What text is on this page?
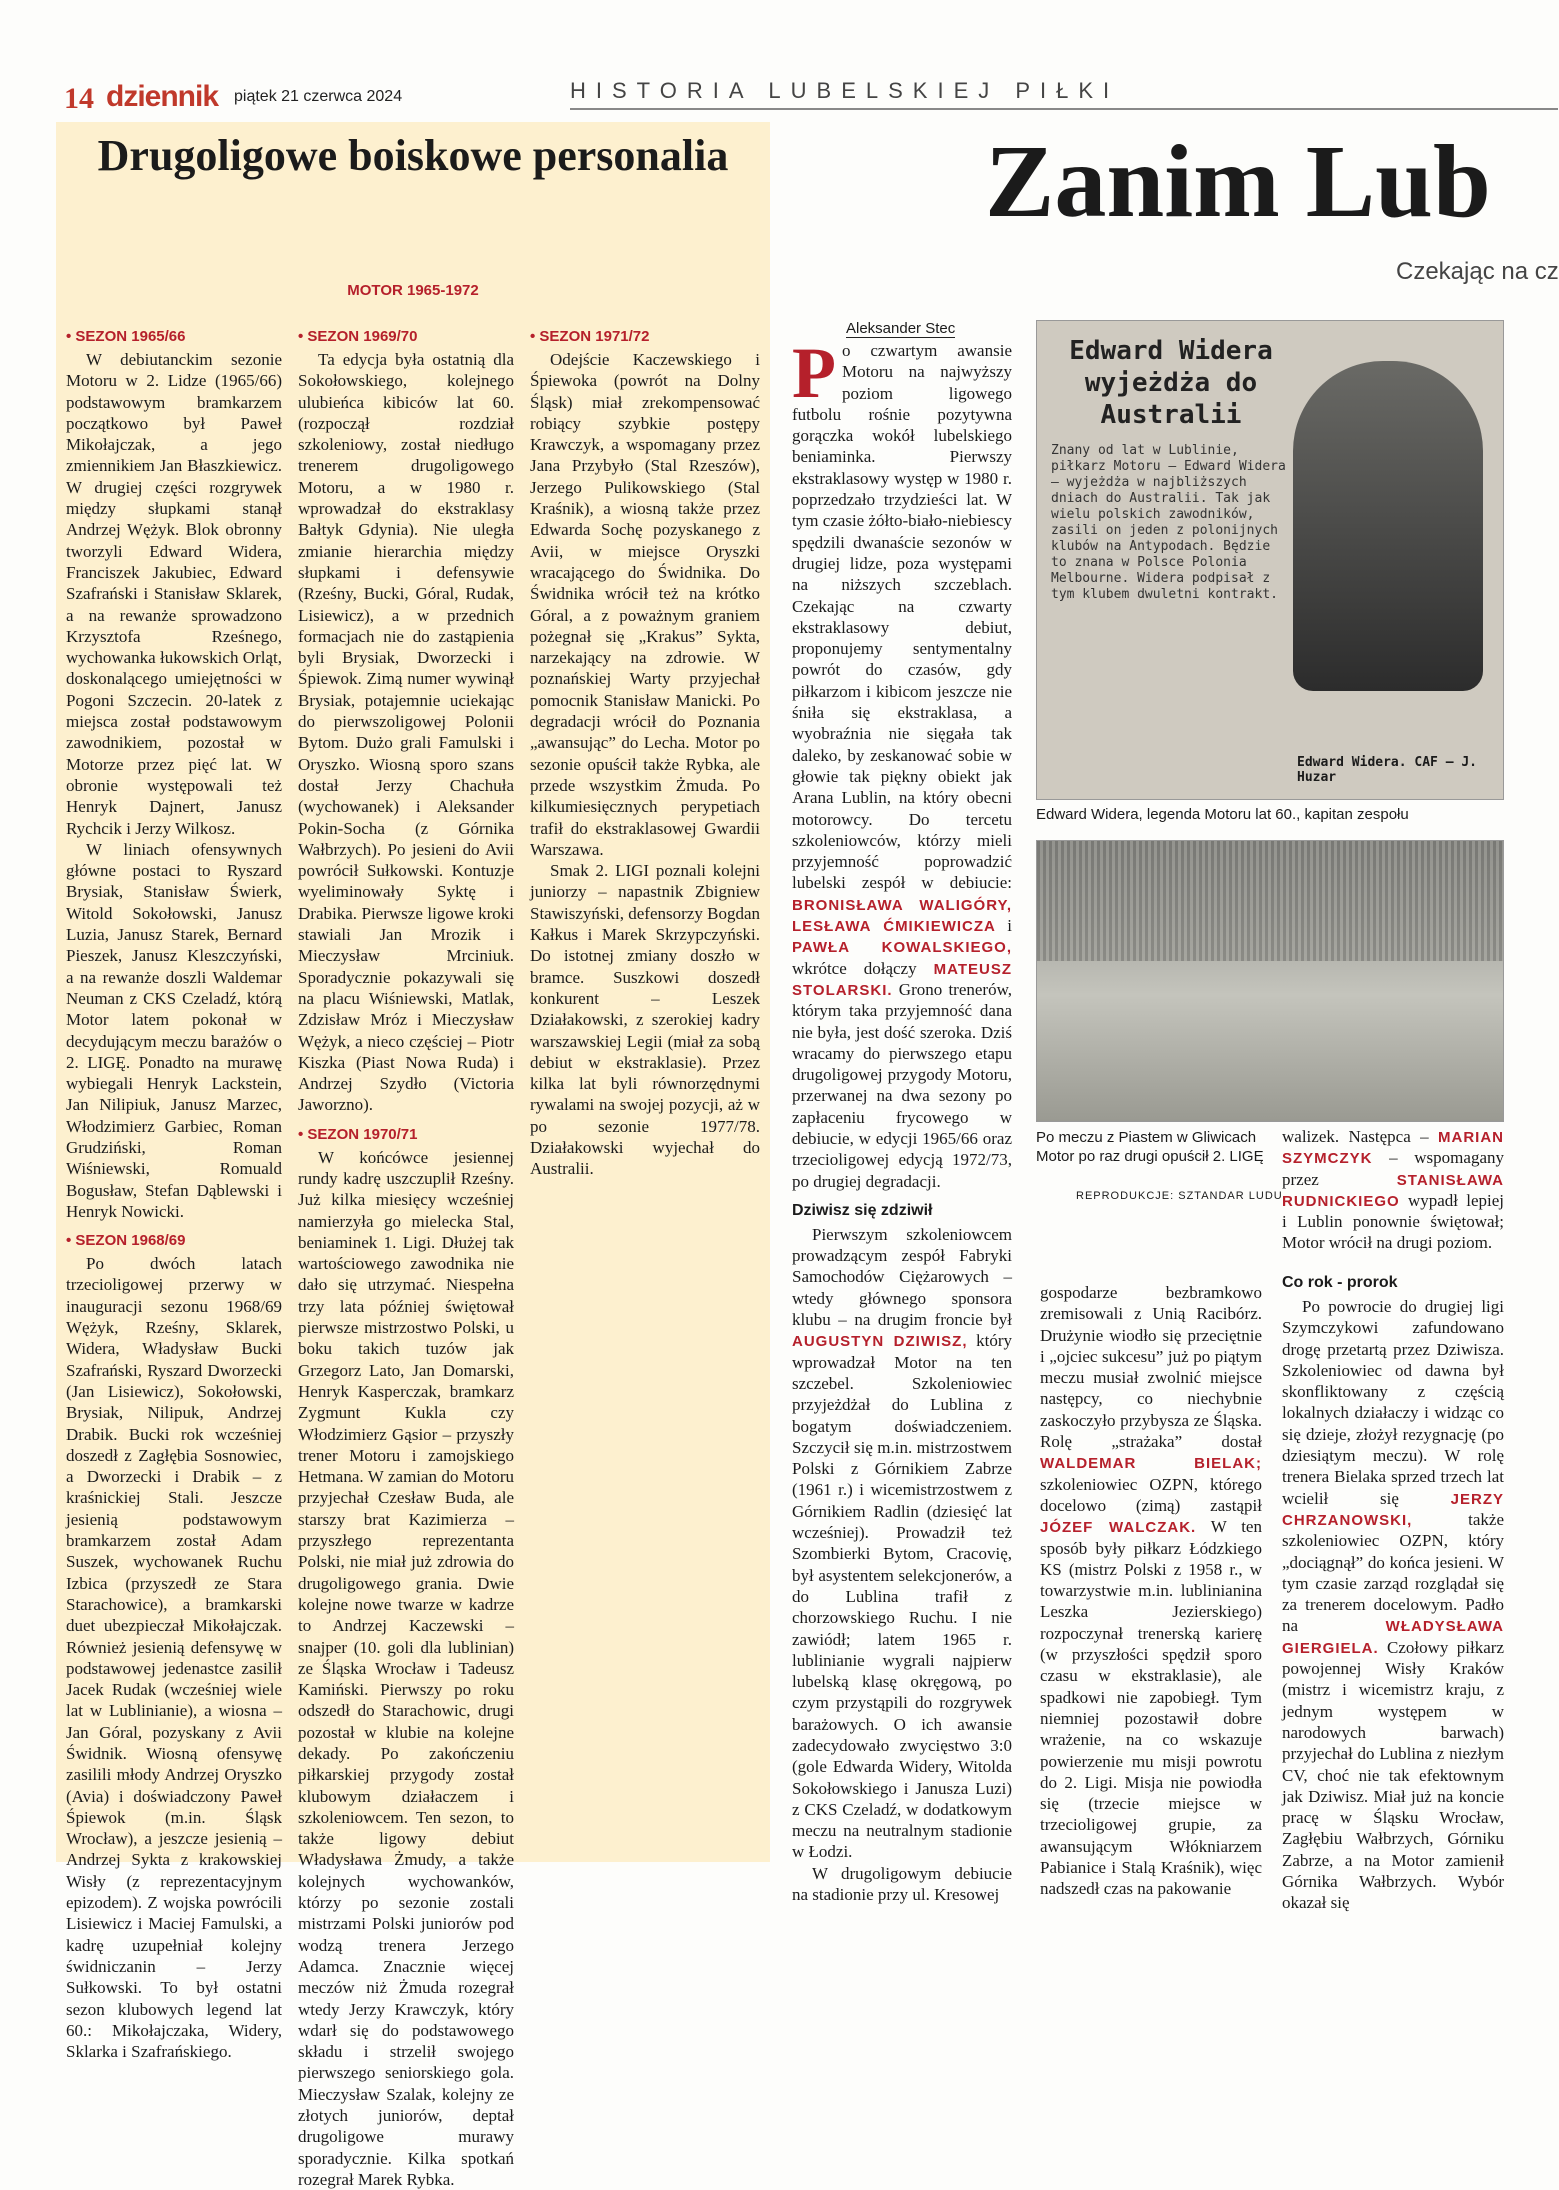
14 dziennik piątek 21 czerwca 2024	HISTORIA LUBELSKIEJ PIŁKI
Drugoligowe boiskowe personalia
MOTOR 1965-1972

• SEZON 1965/66

W debiutanckim sezonie Motoru w 2. Lidze (1965/66) podstawowym bramkarzem początkowo był Paweł Mikołajczak, a jego zmiennikiem Jan Błaszkiewicz. W drugiej części rozgrywek między słupkami stanął Andrzej Wężyk. Blok obronny tworzyli Edward Widera, Franciszek Jakubiec, Edward Szafrański i Stanisław Sklarek, a na rewanże sprowadzono Krzysztofa Rześnego, wychowanka łukowskich Orląt, doskonalącego umiejętności w Pogoni Szczecin. 20-latek z miejsca został podstawowym zawodnikiem, pozostał w Motorze przez pięć lat. W obronie występowali też Henryk Dajnert, Janusz Rychcik i Jerzy Wilkosz.

W liniach ofensywnych główne postaci to Ryszard Brysiak, Stanisław Świerk, Witold Sokołowski, Janusz Luzia, Janusz Starek, Bernard Pieszek, Janusz Kleszczyński, a na rewanże doszli Waldemar Neuman z CKS Czeladź, którą Motor latem pokonał w decydującym meczu barażów o 2. LIGĘ. Ponadto na murawę wybiegali Henryk Lackstein, Jan Nilipiuk, Janusz Marzec, Włodzimierz Garbiec, Roman Grudziński, Roman Wiśniewski, Romuald Bogusław, Stefan Dąblewski i Henryk Nowicki.

• SEZON 1968/69

Po dwóch latach trzecioligowej przerwy w inauguracji sezonu 1968/69 Wężyk, Rześny, Sklarek, Widera, Władysław Bucki Szafrański, Ryszard Dworzecki (Jan Lisiewicz), Sokołowski, Brysiak, Nilipuk, Andrzej Drabik. Bucki rok wcześniej doszedł z Zagłębia Sosnowiec, a Dworzecki i Drabik – z kraśnickiej Stali. Jeszcze jesienią podstawowym bramkarzem został Adam Suszek, wychowanek Ruchu Izbica (przyszedł ze Stara Starachowice), a bramkarski duet ubezpieczał Mikołajczak. Również jesienią defensywę w podstawowej jedenastce zasilił Jacek Rudak (wcześniej wiele lat w Lublinianie), a wiosna – Jan Góral, pozyskany z Avii Świdnik. Wiosną ofensywę zasilili młody Andrzej Oryszko (Avia) i doświadczony Paweł Śpiewok (m.in. Śląsk Wrocław), a jeszcze jesienią – Andrzej Sykta z krakowskiej Wisły (z reprezentacyjnym epizodem). Z wojska powrócili Lisiewicz i Maciej Famulski, a kadrę uzupełniał kolejny świdniczanin – Jerzy Sułkowski. To był ostatni sezon klubowych legend lat 60.: Mikołajczaka, Widery, Sklarka i Szafrańskiego.

• SEZON 1969/70

Ta edycja była ostatnią dla Sokołowskiego, kolejnego ulubieńca kibiców lat 60. (rozpoczął rozdział szkoleniowy, został niedługo trenerem drugoligowego Motoru, a w 1980 r. wprowadzał do ekstraklasy Bałtyk Gdynia). Nie uległa zmianie hierarchia między słupkami i defensywie (Rześny, Bucki, Góral, Rudak, Lisiewicz), a w przednich formacjach nie do zastąpienia byli Brysiak, Dworzecki i Śpiewok. Zimą numer wywinął Brysiak, potajemnie uciekając do pierwszoligowej Polonii Bytom. Dużo grali Famulski i Oryszko. Wiosną sporo szans dostał Jerzy Chachuła (wychowanek) i Aleksander Pokin-Socha (z Górnika Wałbrzych). Po jesieni do Avii powrócił Sułkowski. Kontuzje wyeliminowały Syktę i Drabika. Pierwsze ligowe kroki stawiali Jan Mrozik i Mieczysław Mrciniuk. Sporadycznie pokazywali się na placu Wiśniewski, Matlak, Zdzisław Mróz i Mieczysław Wężyk, a nieco częściej – Piotr Kiszka (Piast Nowa Ruda) i Andrzej Szydło (Victoria Jaworzno).

• SEZON 1970/71

W końcówce jesiennej rundy kadrę uszczuplił Rześny. Już kilka miesięcy wcześniej namierzyła go mielecka Stal, beniaminek 1. Ligi. Dłużej tak wartościowego zawodnika nie dało się utrzymać. Niespełna trzy lata później świętował pierwsze mistrzostwo Polski, u boku takich tuzów jak Grzegorz Lato, Jan Domarski, Henryk Kasperczak, bramkarz Zygmunt Kukla czy Włodzimierz Gąsior – przyszły trener Motoru i zamojskiego Hetmana. W zamian do Motoru przyjechał Czesław Buda, ale starszy brat Kazimierza – przyszłego reprezentanta Polski, nie miał już zdrowia do drugoligowego grania. Dwie kolejne nowe twarze w kadrze to Andrzej Kaczewski – snajper (10. goli dla lublinian) ze Śląska Wrocław i Tadeusz Kamiński. Pierwszy po roku odszedł do Starachowic, drugi pozostał w klubie na kolejne dekady. Po zakończeniu piłkarskiej przygody został klubowym działaczem i szkoleniowcem. Ten sezon, to także ligowy debiut Władysława Żmudy, a także kolejnych wychowanków, którzy po sezonie zostali mistrzami Polski juniorów pod wodzą trenera Jerzego Adamca. Znacznie więcej meczów niż Żmuda rozegrał wtedy Jerzy Krawczyk, który wdarł się do podstawowego składu i strzelił swojego pierwszego seniorskiego gola. Mieczysław Szalak, kolejny ze złotych juniorów, deptał drugoligowe murawy sporadycznie. Kilka spotkań rozegrał Marek Rybka.

• SEZON 1971/72

Odejście Kaczewskiego i Śpiewoka (powrót na Dolny Śląsk) miał zrekompensować robiący szybkie postępy Krawczyk, a wspomagany przez Jana Przybyło (Stal Rzeszów), Jerzego Pulikowskiego (Stal Kraśnik), a wiosną także przez Edwarda Sochę pozyskanego z Avii, w miejsce Oryszki wracającego do Świdnika. Do Świdnika wrócił też na krótko Góral, a z poważnym graniem pożegnał się „Krakus” Sykta, narzekający na zdrowie. W poznańskiej Warty przyjechał pomocnik Stanisław Manicki. Po degradacji wrócił do Poznania „awansując” do Lecha. Motor po sezonie opuścił także Rybka, ale przede wszystkim Żmuda. Po kilkumiesięcznych perypetiach trafił do ekstraklasowej Gwardii Warszawa.

Smak 2. LIGI poznali kolejni juniorzy – napastnik Zbigniew Stawiszyński, defensorzy Bogdan Kałkus i Marek Skrzypczyński. Do istotnej zmiany doszło w bramce. Suszkowi doszedł konkurent – Leszek Działakowski, z szerokiej kadry warszawskiej Legii (miał za sobą debiut w ekstraklasie). Przez kilka lat byli równorzędnymi rywalami na swojej pozycji, aż w po sezonie 1977/78. Działakowski wyjechał do Australii.

Zanim Lub
Czekając na cz
Aleksander Stec

Po czwartym awansie Motoru na najwyższy poziom ligowego futbolu rośnie pozytywna gorączka wokół lubelskiego beniaminka. Pierwszy ekstraklasowy występ w 1980 r. poprzedzało trzydzieści lat. W tym czasie żółto-biało-niebiescy spędzili dwanaście sezonów w drugiej lidze, poza występami na niższych szczeblach. Czekając na czwarty ekstraklasowy debiut, proponujemy sentymentalny powrót do czasów, gdy piłkarzom i kibicom jeszcze nie śniła się ekstraklasa, a wyobraźnia nie sięgała tak daleko, by zeskanować sobie w głowie tak piękny obiekt jak Arana Lublin, na który obecni motorowcy. Do tercetu szkoleniowców, którzy mieli przyjemność poprowadzić lubelski zespół w debiucie: BRONISŁAWA WALIGÓRY, LESŁAWA ĆMIKIEWICZA i PAWŁA KOWALSKIEGO, wkrótce dołączy MATEUSZ STOLARSKI. Grono trenerów, którym taka przyjemność dana nie była, jest dość szeroka. Dziś wracamy do pierwszego etapu drugoligowej przygody Motoru, przerwanej na dwa sezony po zapłaceniu frycowego w debiucie, w edycji 1965/66 oraz trzecioligowej edycją 1972/73, po drugiej degradacji.

Dziwisz się zdziwił

Pierwszym szkoleniowcem prowadzącym zespół Fabryki Samochodów Ciężarowych – wtedy głównego sponsora klubu – na drugim froncie był AUGUSTYN DZIWISZ, który wprowadzał Motor na ten szczebel. Szkoleniowiec przyjeżdżał do Lublina z bogatym doświadczeniem. Szczycił się m.in. mistrzostwem Polski z Górnikiem Zabrze (1961 r.) i wicemistrzostwem z Górnikiem Radlin (dziesięć lat wcześniej). Prowadził też Szombierki Bytom, Cracovię, był asystentem selekcjonerów, a do Lublina trafił z chorzowskiego Ruchu. I nie zawiódł; latem 1965 r. lublinianie wygrali najpierw lubelską klasę okręgową, po czym przystąpili do rozgrywek barażowych. O ich awansie zadecydowało zwycięstwo 3:0 (gole Edwarda Widery, Witolda Sokołowskiego i Janusza Luzi) z CKS Czeladź, w dodatkowym meczu na neutralnym stadionie w Łodzi.

W drugoligowym debiucie na stadionie przy ul. Kresowej

Edward Widera wyjeżdża do Australii
Znany od lat w Lublinie, piłkarz Motoru — Edward Widera — wyjeżdża w najbliższych dniach do Australii. Tak jak wielu polskich zawodników, zasili on jeden z polonijnych klubów na Antypodach. Będzie to znana w Polsce Polonia Melbourne. Widera podpisał z tym klubem dwuletni kontrakt.
Edward Widera. CAF — J. Huzar
Edward Widera, legenda Motoru lat 60., kapitan zespołu
Po meczu z Piastem w Gliwicach Motor po raz drugi opuścił 2. LIGĘ
REPRODUKCJE: SZTANDAR LUDU

walizek. Następca – MARIAN SZYMCZYK – wspomagany przez	STANISŁAWA RUDNICKIEGO wypadł lepiej i Lublin ponownie świętował; Motor wrócił na drugi poziom.

gospodarze bezbramkowo zremisowali z Unią Racibórz. Drużynie wiodło się przeciętnie i „ojciec sukcesu” już po piątym meczu musiał zwolnić miejsce następcy, co niechybnie zaskoczyło przybysza ze Śląska. Rolę „strażaka” dostał WALDEMAR BIELAK; szkoleniowiec OZPN, którego docelowo (zimą) zastąpił JÓZEF WALCZAK. W ten sposób były piłkarz Łódzkiego KS (mistrz Polski z 1958 r., w towarzystwie m.in. lublinianina Leszka Jezierskiego) rozpoczynał trenerską karierę (w przyszłości spędził sporo czasu w ekstraklasie), ale spadkowi nie zapobiegł. Tym niemniej pozostawił dobre wrażenie, na co wskazuje powierzenie mu misji powrotu do 2. Ligi. Misja nie powiodła się (trzecie miejsce w trzecioligowej grupie, za awansującym Włókniarzem Pabianice i Stalą Kraśnik), więc nadszedł czas na pakowanie

Co rok - prorok

Po powrocie do drugiej ligi Szymczykowi zafundowano drogę przetartą przez Dziwisza. Szkoleniowiec od dawna był skonfliktowany z częścią lokalnych działaczy i widząc co się dzieje, złożył rezygnację (po dziesiątym meczu). W rolę trenera Bielaka sprzed trzech lat wcielił się	JERZY CHRZANOWSKI,	także szkoleniowiec OZPN, który „dociągnął” do końca jesieni. W tym czasie zarząd rozglądał się za trenerem docelowym. Padło na	WŁADYSŁAWA GIERGIELA. Czołowy piłkarz powojennej Wisły Kraków (mistrz i wicemistrz kraju, z jednym występem w narodowych barwach) przyjechał do Lublina z niezłym CV, choć nie tak efektownym jak Dziwisz. Miał już na koncie pracę w Śląsku Wrocław, Zagłębiu Wałbrzych, Górniku Zabrze, a na Motor zamienił Górnika Wałbrzych. Wybór okazał się
